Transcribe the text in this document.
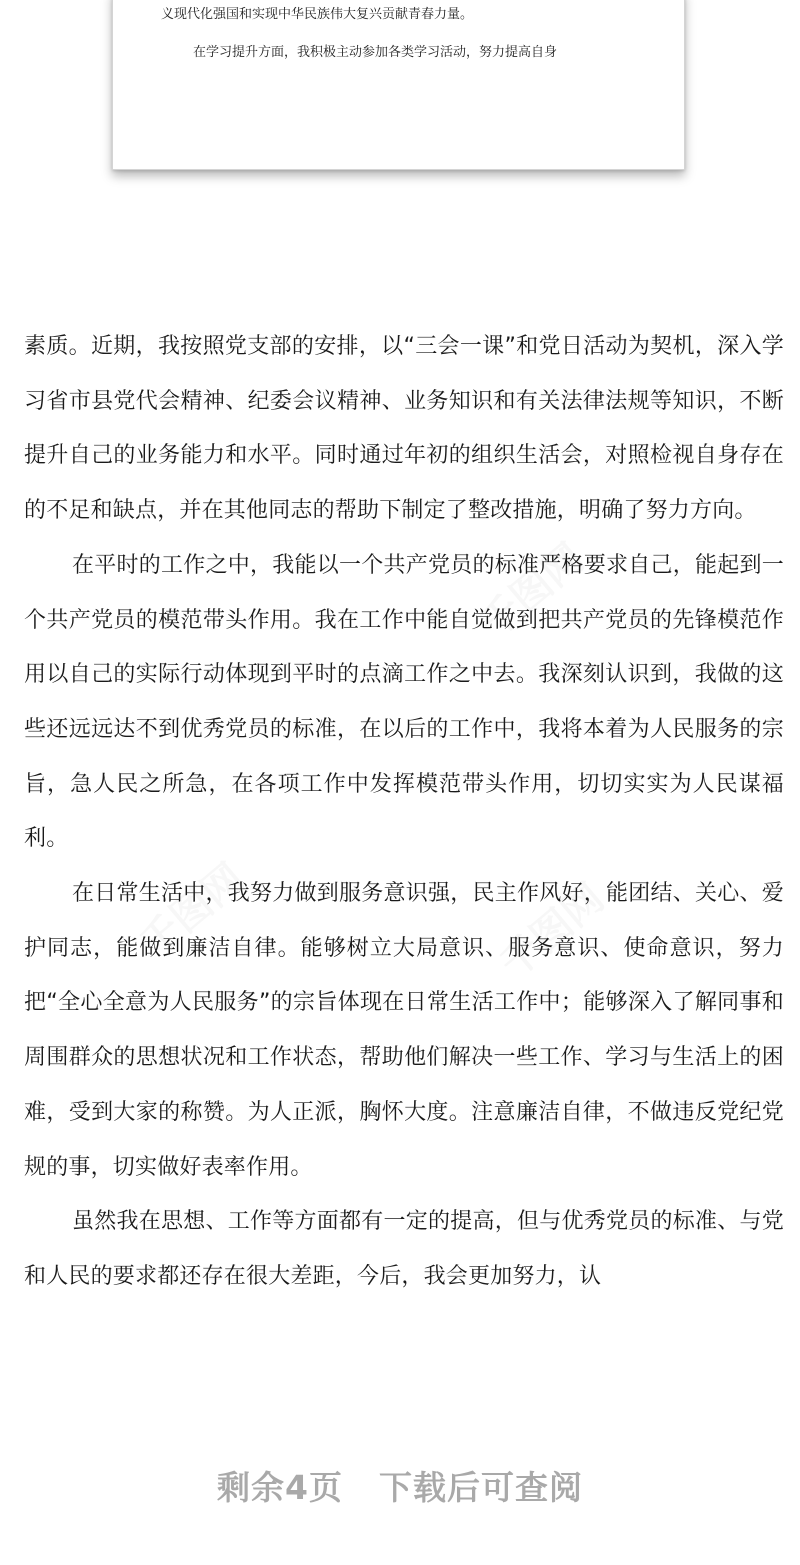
义现代化强国和实现中华民族伟大复兴贡献青春力量。
在学习提升方面，我积极主动参加各类学习活动，努力提高自身
千图网
千图网	千图网

素质。近期，我按照党支部的安排，以“三会一课”和党日活动为契机，深入学习省市县党代会精神、纪委会议精神、业务知识和有关法律法规等知识，不断提升自己的业务能力和水平。同时通过年初的组织生活会，对照检视自身存在的不足和缺点，并在其他同志的帮助下制定了整改措施，明确了努力方向。

在平时的工作之中，我能以一个共产党员的标准严格要求自己，能起到一个共产党员的模范带头作用。我在工作中能自觉做到把共产党员的先锋模范作用以自己的实际行动体现到平时的点滴工作之中去。我深刻认识到，我做的这些还远远达不到优秀党员的标准，在以后的工作中，我将本着为人民服务的宗旨，急人民之所急，在各项工作中发挥模范带头作用，切切实实为人民谋福利。

在日常生活中，我努力做到服务意识强，民主作风好，能团结、关心、爱护同志，能做到廉洁自律。能够树立大局意识、服务意识、使命意识，努力把“全心全意为人民服务”的宗旨体现在日常生活工作中；能够深入了解同事和周围群众的思想状况和工作状态，帮助他们解决一些工作、学习与生活上的困难，受到大家的称赞。为人正派，胸怀大度。注意廉洁自律，不做违反党纪党规的事，切实做好表率作用。

虽然我在思想、工作等方面都有一定的提高，但与优秀党员的标准、与党和人民的要求都还存在很大差距，今后，我会更加努力，认

剩余4页 下载后可查阅
